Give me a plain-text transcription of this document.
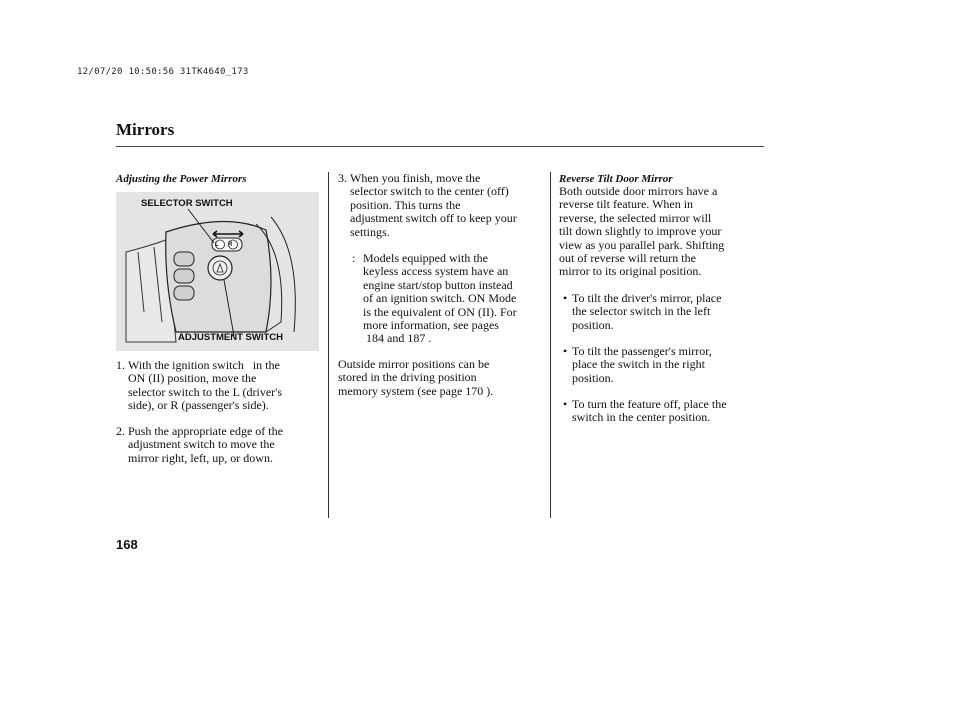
12/07/20 10:50:56 31TK4640_173
Mirrors
Adjusting the Power Mirrors
SELECTOR SWITCH
L R
ADJUSTMENT SWITCH
1. With the ignition switch   in the
ON (II) position, move the
selector switch to the L (driver's
side), or R (passenger's side).
2. Push the appropriate edge of the
adjustment switch to move the
mirror right, left, up, or down.
3. When you finish, move the
selector switch to the center (off)
position. This turns the
adjustment switch off to keep your
settings.
: Models equipped with the
keyless access system have an
engine start/stop button instead
of an ignition switch. ON Mode
is the equivalent of ON (II). For
more information, see pages
184 and 187 .
Outside mirror positions can be
stored in the driving position
memory system (see page 170 ).
Reverse Tilt Door Mirror
Both outside door mirrors have a
reverse tilt feature. When in
reverse, the selected mirror will
tilt down slightly to improve your
view as you parallel park. Shifting
out of reverse will return the
mirror to its original position.
• To tilt the driver's mirror, place
the selector switch in the left
position.
• To tilt the passenger's mirror,
place the switch in the right
position.
• To turn the feature off, place the
switch in the center position.
168
